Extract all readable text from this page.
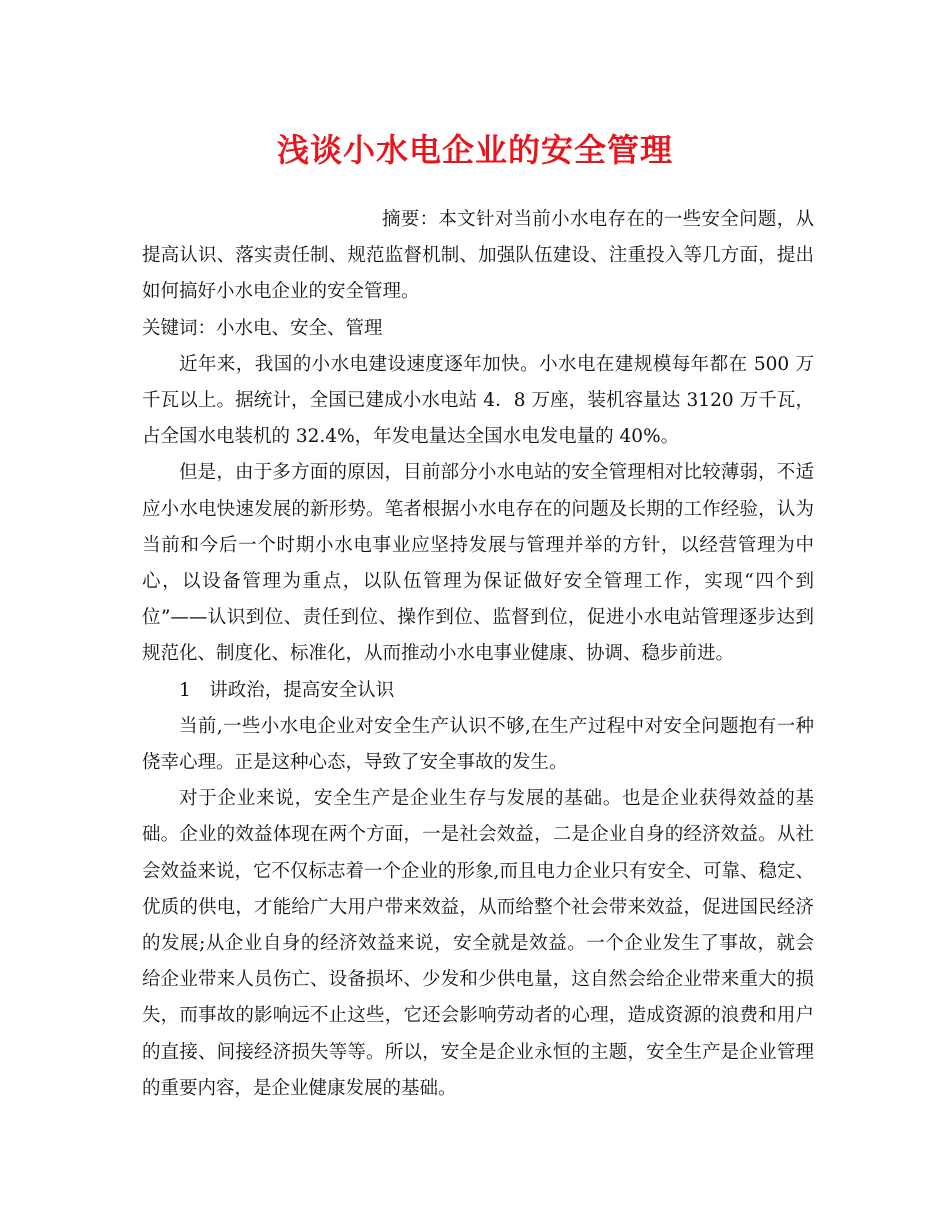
浅谈小水电企业的安全管理

摘要：本文针对当前小水电存在的一些安全问题，从提高认识、落实责任制、规范监督机制、加强队伍建设、注重投入等几方面，提出如何搞好小水电企业的安全管理。

关键词：小水电、安全、管理

近年来，我国的小水电建设速度逐年加快。小水电在建规模每年都在 500 万千瓦以上。据统计，全国已建成小水电站 4．8 万座，装机容量达 3120 万千瓦，占全国水电装机的 32.4%，年发电量达全国水电发电量的 40%。

但是，由于多方面的原因，目前部分小水电站的安全管理相对比较薄弱，不适应小水电快速发展的新形势。笔者根据小水电存在的问题及长期的工作经验，认为当前和今后一个时期小水电事业应坚持发展与管理并举的方针，以经营管理为中心，以设备管理为重点，以队伍管理为保证做好安全管理工作，实现“四个到位”——认识到位、责任到位、操作到位、监督到位，促进小水电站管理逐步达到规范化、制度化、标准化，从而推动小水电事业健康、协调、稳步前进。

1　讲政治，提高安全认识

当前,一些小水电企业对安全生产认识不够,在生产过程中对安全问题抱有一种侥幸心理。正是这种心态，导致了安全事故的发生。

对于企业来说，安全生产是企业生存与发展的基础。也是企业获得效益的基础。企业的效益体现在两个方面，一是社会效益，二是企业自身的经济效益。从社会效益来说，它不仅标志着一个企业的形象,而且电力企业只有安全、可靠、稳定、优质的供电，才能给广大用户带来效益，从而给整个社会带来效益，促进国民经济的发展;从企业自身的经济效益来说，安全就是效益。一个企业发生了事故，就会给企业带来人员伤亡、设备损坏、少发和少供电量，这自然会给企业带来重大的损失，而事故的影响远不止这些，它还会影响劳动者的心理，造成资源的浪费和用户的直接、间接经济损失等等。所以，安全是企业永恒的主题，安全生产是企业管理的重要内容，是企业健康发展的基础。
